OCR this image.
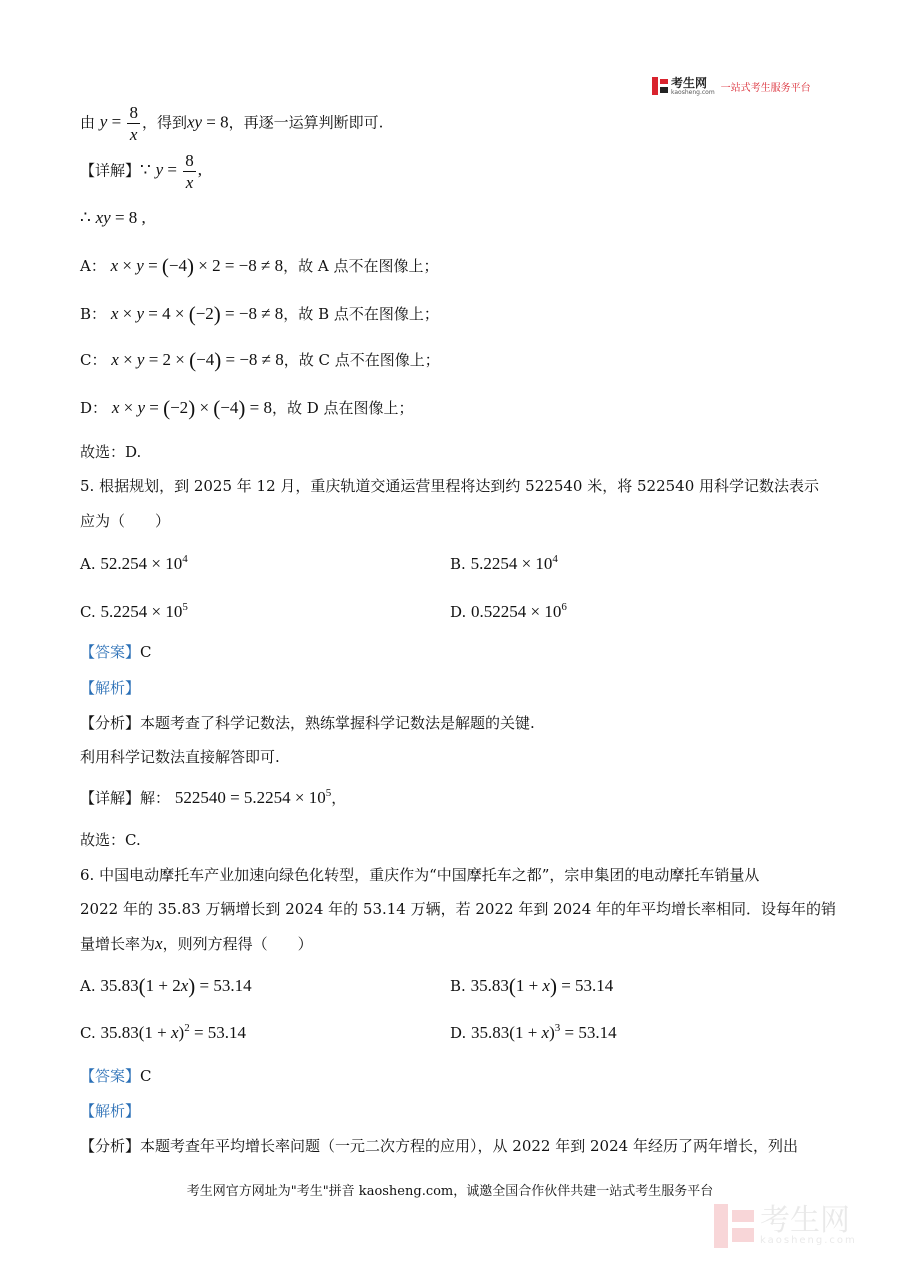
考生网
kaosheng.com 一站式考生服务平台
由 $y = \frac{8}{x}$ ，得到xy = 8，再逐一运算判断即可.
【详解】∵ $y = \frac{8}{x}$ ,
∴ xy = 8 ,
A： x × y = (−4) × 2 = −8 ≠ 8，故 A 点不在图像上；
B： x × y = 4 × (−2) = −8 ≠ 8，故 B 点不在图像上；
C： x × y = 2 × (−4) = −8 ≠ 8，故 C 点不在图像上；
D： x × y = (−2) × (−4) = 8，故 D 点在图像上；
故选：D.
5. 根据规划，到 2025 年 12 月，重庆轨道交通运营里程将达到约 522540 米，将 522540 用科学记数法表示
应为（　　）
A. $52.254 \times 10^4$	B. $5.2254 \times 10^4$
C. $5.2254 \times 10^5$	D. $0.52254 \times 10^6$
【答案】C
【解析】
【分析】本题考查了科学记数法，熟练掌握科学记数法是解题的关键.
利用科学记数法直接解答即可.
【详解】解： $522540 = 5.2254 \times 10^5$，
故选：C.
6. 中国电动摩托车产业加速向绿色化转型，重庆作为“中国摩托车之都”，宗申集团的电动摩托车销量从
2022 年的 35.83 万辆增长到 2024 年的 53.14 万辆，若 2022 年到 2024 年的年平均增长率相同．设每年的销
量增长率为x，则列方程得（　　）
A. 35.83(1 + 2x) = 53.14	B. 35.83(1 + x) = 53.14
C. $35.83(1 + x)^2 = 53.14$	D. $35.83(1 + x)^3 = 53.14$
【答案】C
【解析】
【分析】本题考查年平均增长率问题（一元二次方程的应用），从 2022 年到 2024 年经历了两年增长，列出
考生网官方网址为"考生"拼音 kaosheng.com，诚邀全国合作伙伴共建一站式考生服务平台
考生网
kaosheng.com
